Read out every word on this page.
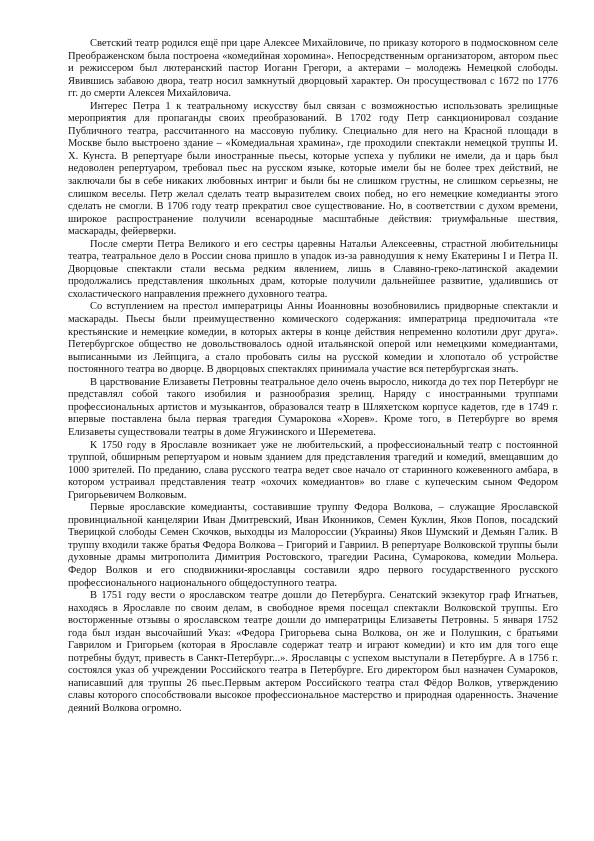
Светский театр родился ещё при царе Алексее Михайловиче, по приказу которого в подмосковном селе Преображенском была построена «комедийная хоромина». Непосредственным организатором, автором пьес и режиссером был лютеранский пастор Иоганн Грегори, а актерами – молодежь Немецкой слободы. Явившись забавою двора, театр носил замкнутый дворцовый характер. Он просуществовал с 1672 по 1776 гг. до смерти Алексея Михайловича.

Интерес Петра 1 к театральному искусству был связан с возможностью использовать зрелищные мероприятия для пропаганды своих преобразований. В 1702 году Петр санкционировал создание Публичного театра, рассчитанного на массовую публику. Специально для него на Красной площади в Москве было выстроено здание – «Комедиальная храмина», где проходили спектакли немецкой труппы И. Х. Кунста. В репертуаре были иностранные пьесы, которые успеха у публики не имели, да и царь был недоволен репертуаром, требовал пьес на русском языке, которые имели бы не более трех действий, не заключали бы в себе никаких любовных интриг и были бы не слишком грустны, не слишком серьезны, не слишком веселы. Петр желал сделать театр выразителем своих побед, но его немецкие комедианты этого сделать не смогли. В 1706 году театр прекратил свое существование. Но, в соответствии с духом времени, широкое распространение получили всенародные масштабные действия: триумфальные шествия, маскарады, фейерверки.

После смерти Петра Великого и его сестры царевны Натальи Алексеевны, страстной любительницы театра, театральное дело в России снова пришло в упадок из-за равнодушия к нему Екатерины I и Петра II. Дворцовые спектакли стали весьма редким явлением, лишь в Славяно-греко-латинской академии продолжались представления школьных драм, которые получили дальнейшее развитие, удалившись от схоластического направления прежнего духовного театра.

Со вступлением на престол императрицы Анны Иоанновны возобновились придворные спектакли и маскарады. Пьесы были преимущественно комического содержания: императрица предпочитала «те крестьянские и немецкие комедии, в которых актеры в конце действия непременно колотили друг друга». Петербургское общество не довольствовалось одной итальянской оперой или немецкими комедиантами, выписанными из Лейпцига, а стало пробовать силы на русской комедии и хлопотало об устройстве постоянного театра во дворце. В дворцовых спектаклях принимала участие вся петербургская знать.

В царствование Елизаветы Петровны театральное дело очень выросло, никогда до тех пор Петербург не представлял собой такого изобилия и разнообразия зрелищ. Наряду с иностранными труппами профессиональных артистов и музыкантов, образовался театр в Шляхетском корпусе кадетов, где в 1749 г. впервые поставлена была первая трагедия Сумарокова «Хорев». Кроме того, в Петербурге во время Елизаветы существовали театры в доме Ягужинского и Шереметева.

К 1750 году в Ярославле возникает уже не любительский, а профессиональный театр с постоянной труппой, обширным репертуаром и новым зданием для представления трагедий и комедий, вмещавшим до 1000 зрителей. По преданию, слава русского театра ведет свое начало от старинного кожевенного амбара, в котором устраивал представления театр «охочих комедиантов» во главе с купеческим сыном Федором Григорьевичем Волковым.

Первые ярославские комедианты, составившие труппу Федора Волкова, – служащие Ярославской провинциальной канцелярии Иван Дмитревский, Иван Иконников, Семен Куклин, Яков Попов, посадский Тверицкой слободы Семен Скочков, выходцы из Малороссии (Украины) Яков Шумский и Демьян Галик. В труппу входили также братья Федора Волкова – Григорий и Гавриил. В репертуаре Волковской труппы были духовные драмы митрополита Димитрия Ростовского, трагедии Расина, Сумарокова, комедии Мольера. Федор Волков и его сподвижники-ярославцы составили ядро первого государственного русского профессионального национального общедоступного театра.

В 1751 году вести о ярославском театре дошли до Петербурга. Сенатский экзекутор граф Игнатьев, находясь в Ярославле по своим делам, в свободное время посещал спектакли Волковской труппы. Его восторженные отзывы о ярославском театре дошли до императрицы Елизаветы Петровны. 5 января 1752 года был издан высочайший Указ: «Федора Григорьева сына Волкова, он же и Полушкин, с братьями Гаврилом и Григорьем (которая в Ярославле содержат театр и играют комедии) и кто им для того еще потребны будут, привесть в Санкт-Петербург...». Ярославцы с успехом выступали в Петербурге. А в 1756 г. состоялся указ об учреждении Российского театра в Петербурге. Его директором был назначен Сумароков, написавший для труппы 26 пьес.Первым актером Российского театра стал Фёдор Волков, утверждению славы которого способствовали высокое профессиональное мастерство и природная одаренность. Значение деяний Волкова огромно.
